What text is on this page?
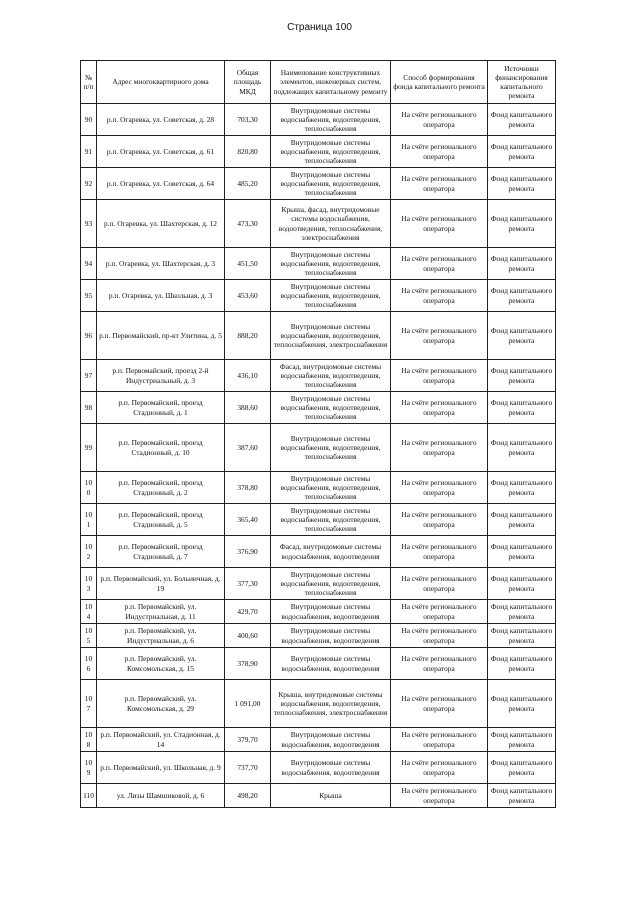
Страница 100
№ п/п	Адрес многоквартирного дома	Общая площадь МКД	Наименование конструктивных элементов, инженерных систем, подлежащих капитальному ремонту	Способ формирования фонда капитального ремонта	Источники финансирования капитального ремонта
90	р.п. Огаревка, ул. Советская, д. 28	703,30	Внутридомовые системы водоснабжения, водоотведения, теплоснабжения	На счёте регионального оператора	Фонд капитального ремонта
91	р.п. Огаревка, ул. Советская, д. 61	820,80	Внутридомовые системы водоснабжения, водоотведения, теплоснабжения	На счёте регионального оператора	Фонд капитального ремонта
92	р.п. Огаревка, ул. Советская, д. 64	485,20	Внутридомовые системы водоснабжения, водоотведения, теплоснабжения	На счёте регионального оператора	Фонд капитального ремонта
93	р.п. Огаревка, ул. Шахтерская, д. 12	473,30	Крыша, фасад, внутридомовые системы водоснабжения, водоотведения, теплоснабжения, электроснабжения	На счёте регионального оператора	Фонд капитального ремонта
94	р.п. Огаревка, ул. Шахтерская, д. 3	451,50	Внутридомовые системы водоснабжения, водоотведения, теплоснабжения	На счёте регионального оператора	Фонд капитального ремонта
95	р.п. Огаревка, ул. Школьная, д. 3	453,60	Внутридомовые системы водоснабжения, водоотведения, теплоснабжения	На счёте регионального оператора	Фонд капитального ремонта
96	р.п. Первомайский, пр-кт Улитина, д. 5	888,20	Внутридомовые системы водоснабжения, водоотведения, теплоснабжения, электроснабжения	На счёте регионального оператора	Фонд капитального ремонта
97	р.п. Первомайский, проезд 2-й Индустриальный, д. 3	436,10	Фасад, внутридомовые системы водоснабжения, водоотведения, теплоснабжения	На счёте регионального оператора	Фонд капитального ремонта
98	р.п. Первомайский, проезд Стадионный, д. 1	388,60	Внутридомовые системы водоснабжения, водоотведения, теплоснабжения	На счёте регионального оператора	Фонд капитального ремонта
99	р.п. Первомайский, проезд Стадионный, д. 10	387,60	Внутридомовые системы водоснабжения, водоотведения, теплоснабжения	На счёте регионального оператора	Фонд капитального ремонта
100	р.п. Первомайский, проезд Стадионный, д. 2	378,80	Внутридомовые системы водоснабжения, водоотведения, теплоснабжения	На счёте регионального оператора	Фонд капитального ремонта
101	р.п. Первомайский, проезд Стадионный, д. 5	365,40	Внутридомовые системы водоснабжения, водоотведения, теплоснабжения	На счёте регионального оператора	Фонд капитального ремонта
102	р.п. Первомайский, проезд Стадионный, д. 7	376,90	Фасад, внутридомовые системы водоснабжения, водоотведения	На счёте регионального оператора	Фонд капитального ремонта
103	р.п. Первомайский, ул. Больничная, д. 19	377,30	Внутридомовые системы водоснабжения, водоотведения, теплоснабжения	На счёте регионального оператора	Фонд капитального ремонта
104	р.п. Первомайский, ул. Индустриальная, д. 11	429,70	Внутридомовые системы водоснабжения, водоотведения	На счёте регионального оператора	Фонд капитального ремонта
105	р.п. Первомайский, ул. Индустриальная, д. 6	400,60	Внутридомовые системы водоснабжения, водоотведения	На счёте регионального оператора	Фонд капитального ремонта
106	р.п. Первомайский, ул. Комсомольская, д. 15	378,90	Внутридомовые системы водоснабжения, водоотведения	На счёте регионального оператора	Фонд капитального ремонта
107	р.п. Первомайский, ул. Комсомольская, д. 29	1 091,00	Крыша, внутридомовые системы водоснабжения, водоотведения, теплоснабжения, электроснабжения	На счёте регионального оператора	Фонд капитального ремонта
108	р.п. Первомайский, ул. Стадионная, д. 14	379,70	Внутридомовые системы водоснабжения, водоотведения	На счёте регионального оператора	Фонд капитального ремонта
109	р.п. Первомайский, ул. Школьная, д. 9	737,70	Внутридомовые системы водоснабжения, водоотведения	На счёте регионального оператора	Фонд капитального ремонта
110	ул. Лизы Шамшиковой, д. 6	498,20	Крыша	На счёте регионального оператора	Фонд капитального ремонта
